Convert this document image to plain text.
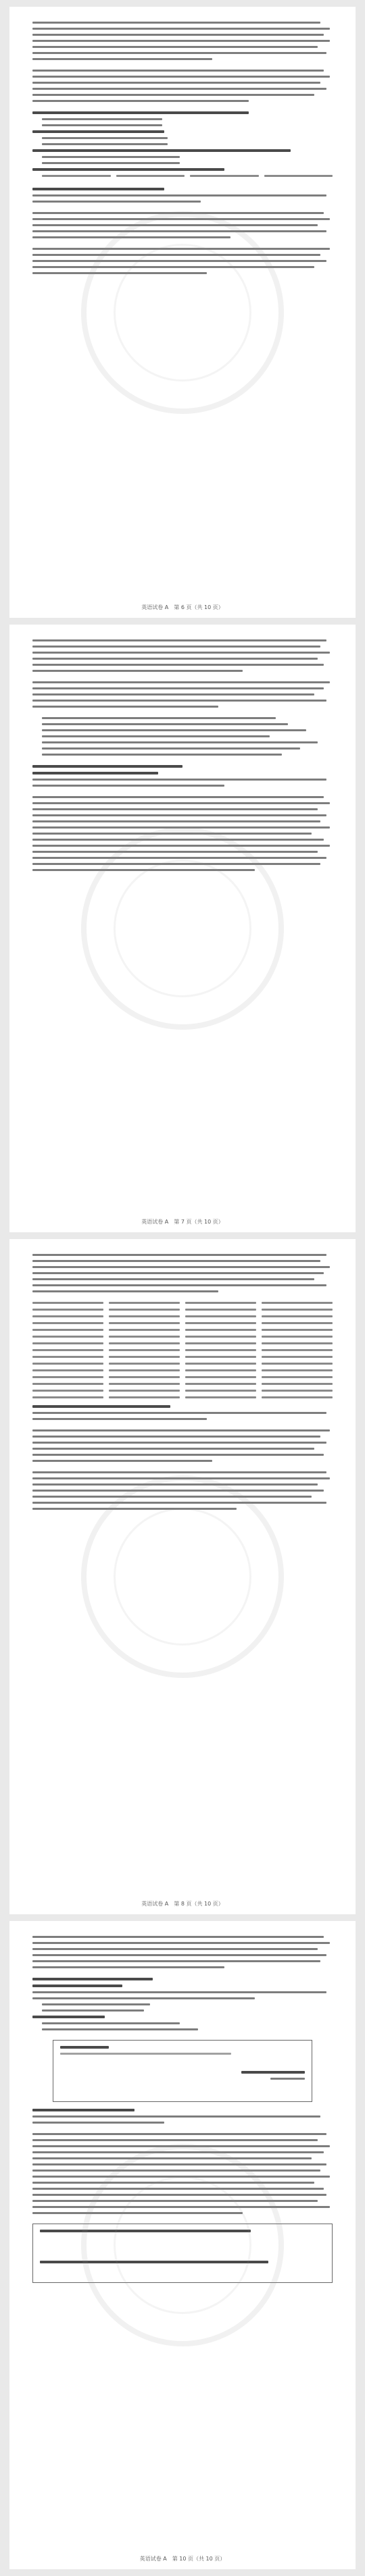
英语试卷 A　第 6 页（共 10 页）
英语试卷 A　第 7 页（共 10 页）
英语试卷 A　第 8 页（共 10 页）
英语试卷 A　第 10 页（共 10 页）
